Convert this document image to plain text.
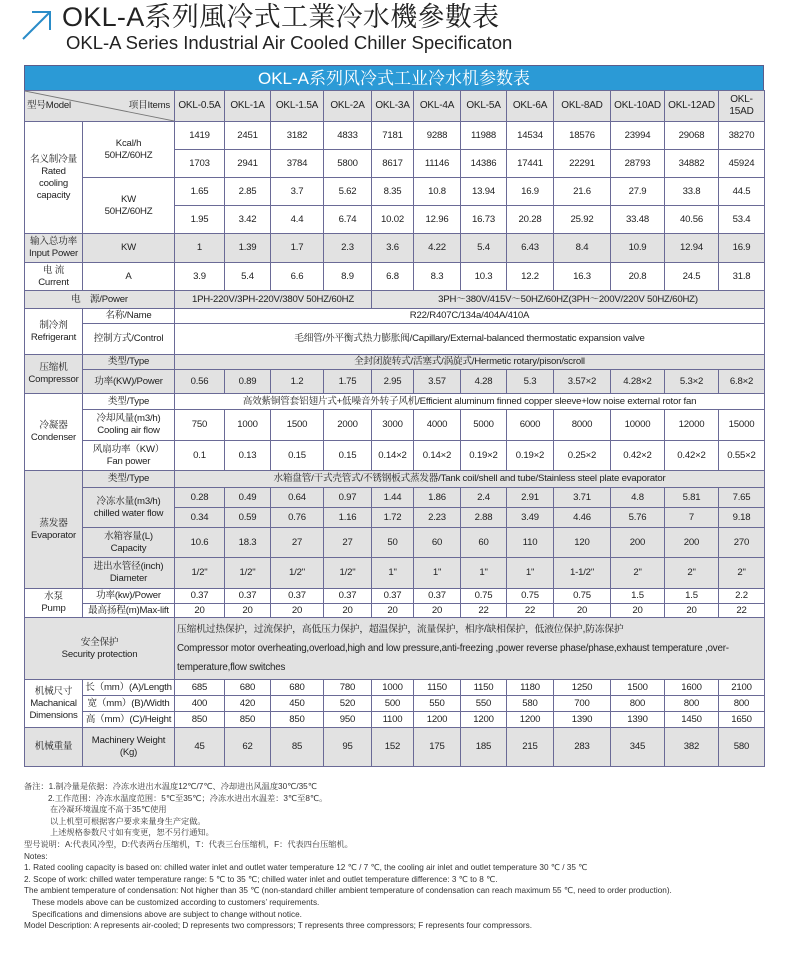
OKL-A系列風冷式工業冷水機參數表
OKL-A Series Industrial Air Cooled Chiller Specificaton
OKL-A系列风冷式工业冷水机参数表
型号Model 项目Items		OKL-0.5A	OKL-1A	OKL-1.5A	OKL-2A	OKL-3A	OKL-4A	OKL-5A	OKL-6A	OKL-8AD	OKL-10AD	OKL-12AD	OKL-15AD
名义制冷量
Rated
cooling
capacity	Kcal/h
50HZ/60HZ	1419	2451	3182	4833	7181	9288	11988	14534	18576	23994	29068	38270
		1703	2941	3784	5800	8617	11146	14386	17441	22291	28793	34882	45924
	KW
50HZ/60HZ	1.65	2.85	3.7	5.62	8.35	10.8	13.94	16.9	21.6	27.9	33.8	44.5
		1.95	3.42	4.4	6.74	10.02	12.96	16.73	20.28	25.92	33.48	40.56	53.4
输入总功率
Input Power	KW	1	1.39	1.7	2.3	3.6	4.22	5.4	6.43	8.4	10.9	12.94	16.9
电 流
Current	A	3.9	5.4	6.6	8.9	6.8	8.3	10.3	12.2	16.3	20.8	24.5	31.8
电　源/Power		1PH-220V/3PH-220V/380V 50HZ/60HZ				3PH～380V/415V～50HZ/60HZ(3PH～200V/220V 50HZ/60HZ)							
制冷剂
Refrigerant	名称/Name	R22/R407C/134a/404A/410A											
	控制方式/Control	毛细管/外平衡式热力膨胀阀/Capillary/External-balanced thermostatic expansion valve											
压缩机
Compressor	类型/Type	全封闭旋转式/活塞式/涡旋式/Hermetic rotary/pison/scroll											
	功率(KW)/Power	0.56	0.89	1.2	1.75	2.95	3.57	4.28	5.3	3.57×2	4.28×2	5.3×2	6.8×2
冷凝器
Condenser	类型/Type	高效紫铜管套铝翅片式+低噪音外转子风机/Efficient aluminum finned copper sleeve+low noise external rotor fan											
	冷却风量(m3/h)
Cooling air flow	750	1000	1500	2000	3000	4000	5000	6000	8000	10000	12000	15000
	风扇功率（KW）
Fan power	0.1	0.13	0.15	0.15	0.14×2	0.14×2	0.19×2	0.19×2	0.25×2	0.42×2	0.42×2	0.55×2
蒸发器
Evaporator	类型/Type	水箱盘管/干式壳管式/不锈钢板式蒸发器/Tank coil/shell and tube/Stainless steel plate evaporator											
	冷冻水量(m3/h)
chilled water flow	0.28	0.49	0.64	0.97	1.44	1.86	2.4	2.91	3.71	4.8	5.81	7.65
		0.34	0.59	0.76	1.16	1.72	2.23	2.88	3.49	4.46	5.76	7	9.18
	水箱容量(L)
Capacity	10.6	18.3	27	27	50	60	60	110	120	200	200	270
	进出水管径(inch)
Diameter	1/2"	1/2"	1/2"	1/2"	1"	1"	1"	1"	1-1/2"	2"	2"	2"
水泵
Pump	功率(kw)/Power	0.37	0.37	0.37	0.37	0.37	0.37	0.75	0.75	0.75	1.5	1.5	2.2
	最高扬程(m)Max-lift	20	20	20	20	20	20	22	22	20	20	20	22
安全保护
Security protection		压缩机过热保护，过流保护，高低压力保护，超温保护，流量保护，相序/缺相保护，低液位保护,防冻保护
Compressor motor overheating,overload,high and low pressure,anti-freezing ,power reverse phase/phase,exhaust temperature ,over-temperature,flow switches											
机械尺寸
Machanical
Dimensions	长（mm）(A)/Length	685	680	680	780	1000	1150	1150	1180	1250	1500	1600	2100
	宽（mm）(B)/Width	400	420	450	520	500	550	550	580	700	800	800	800
	高（mm）(C)/Height	850	850	850	950	1100	1200	1200	1200	1390	1390	1450	1650
机械重量	Machinery Weight
(Kg)	45	62	85	95	152	175	185	215	283	345	382	580
备注：1.制冷量是依据：冷冻水进出水温度12℃/7℃、冷却进出风温度30℃/35℃
2.工作范围：冷冻水温度范围：5℃至35℃；冷冻水进出水温差：3℃至8℃。
在冷凝环境温度不高于35℃使用
以上机型可根据客户要求来量身生产定做。
上述规格参数尺寸如有变更，恕不另行通知。
型号说明：A:代表风冷型，D:代表两台压缩机，T：代表三台压缩机，F：代表四台压缩机。
Notes:
1. Rated cooling capacity is based on: chilled water inlet and outlet water temperature 12 ℃ / 7 ℃, the cooling air inlet and outlet temperature 30 ℃ / 35 ℃
2. Scope of work: chilled water temperature range: 5 ℃ to 35 ℃; chilled water inlet and outlet temperature difference: 3 ℃ to 8 ℃.
The ambient temperature of condensation: Not higher than 35 ℃ (non-standard chiller ambient temperature of condensation can reach maximum 55 ℃, need to order production).
These models above can be customized according to customers’ requirements.
Specifications and dimensions above are subject to change without notice.
Model Description: A represents air-cooled; D represents two compressors; T represents three compressors; F represents four compressors.
